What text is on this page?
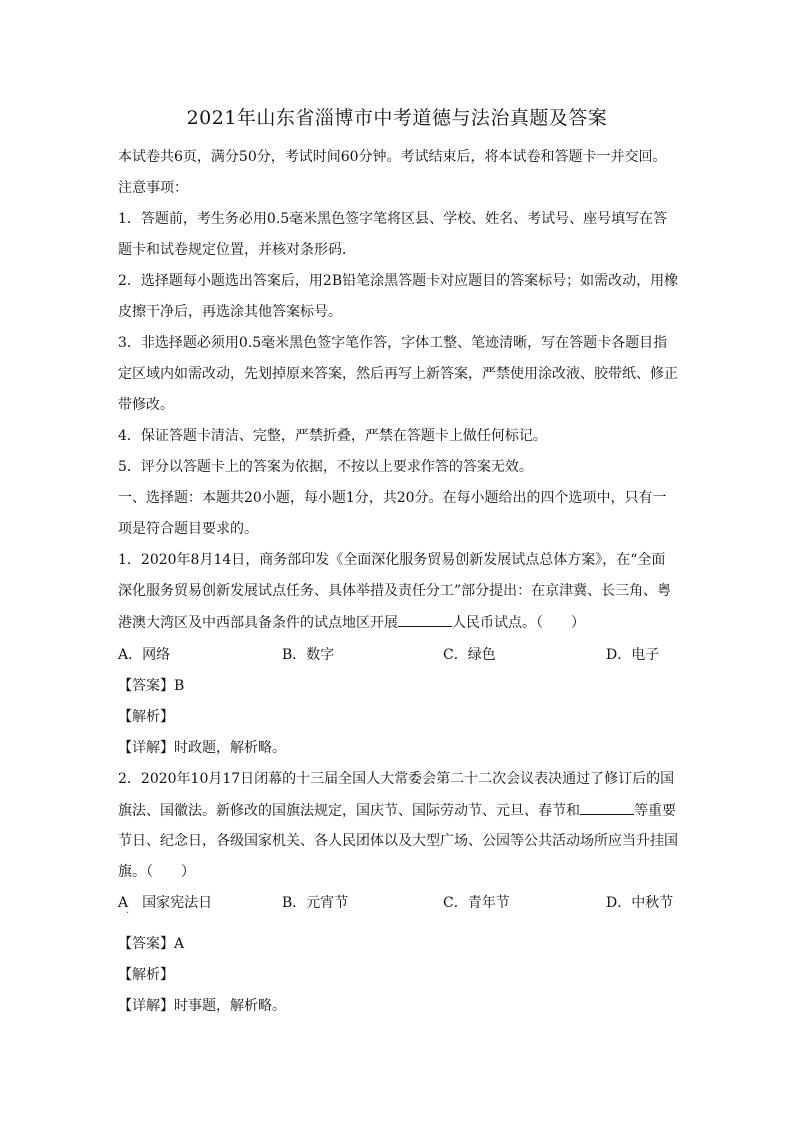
2021年山东省淄博市中考道德与法治真题及答案
本试卷共6页，满分50分，考试时间60分钟。考试结束后，将本试卷和答题卡一并交回。
注意事项：
1．答题前，考生务必用0.5毫米黑色签字笔将区县、学校、姓名、考试号、座号填写在答
题卡和试卷规定位置，并核对条形码．
2．选择题每小题选出答案后，用2B铅笔涂黑答题卡对应题目的答案标号；如需改动，用橡
皮擦干净后，再选涂其他答案标号。
3．非选择题必须用0.5毫米黑色签字笔作答，字体工整、笔迹清晰，写在答题卡各题目指
定区域内如需改动，先划掉原来答案，然后再写上新答案，严禁使用涂改液、胶带纸、修正
带修改。
4．保证答题卡清洁、完整，严禁折叠，严禁在答题卡上做任何标记。
5．评分以答题卡上的答案为依据，不按以上要求作答的答案无效。
一、选择题：本题共20小题，每小题1分，共20分。在每小题给出的四个选项中，只有一
项是符合题目要求的。
1．2020年8月14日，商务部印发《全面深化服务贸易创新发展试点总体方案》，在“全面
深化服务贸易创新发展试点任务、具体举措及责任分工”部分提出：在京津冀、长三角、粤
港澳大湾区及中西部具备条件的试点地区开展	人民币试点。（　　）
A．网络	B．数字	C．绿色	D．电子
【答案】B
【解析】
【详解】时政题，解析略。
2．2020年10月17日闭幕的十三届全国人大常委会第二十二次会议表决通过了修订后的国
旗法、国徽法。新修改的国旗法规定，国庆节、国际劳动节、元旦、春节和	等重要
节日、纪念日，各级国家机关、各人民团体以及大型广场、公园等公共活动场所应当升挂国
旗。（　　）
A　国家宪法日	B．元宵节	C．青年节	D．中秋节
·
【答案】A
【解析】
【详解】时事题，解析略。
